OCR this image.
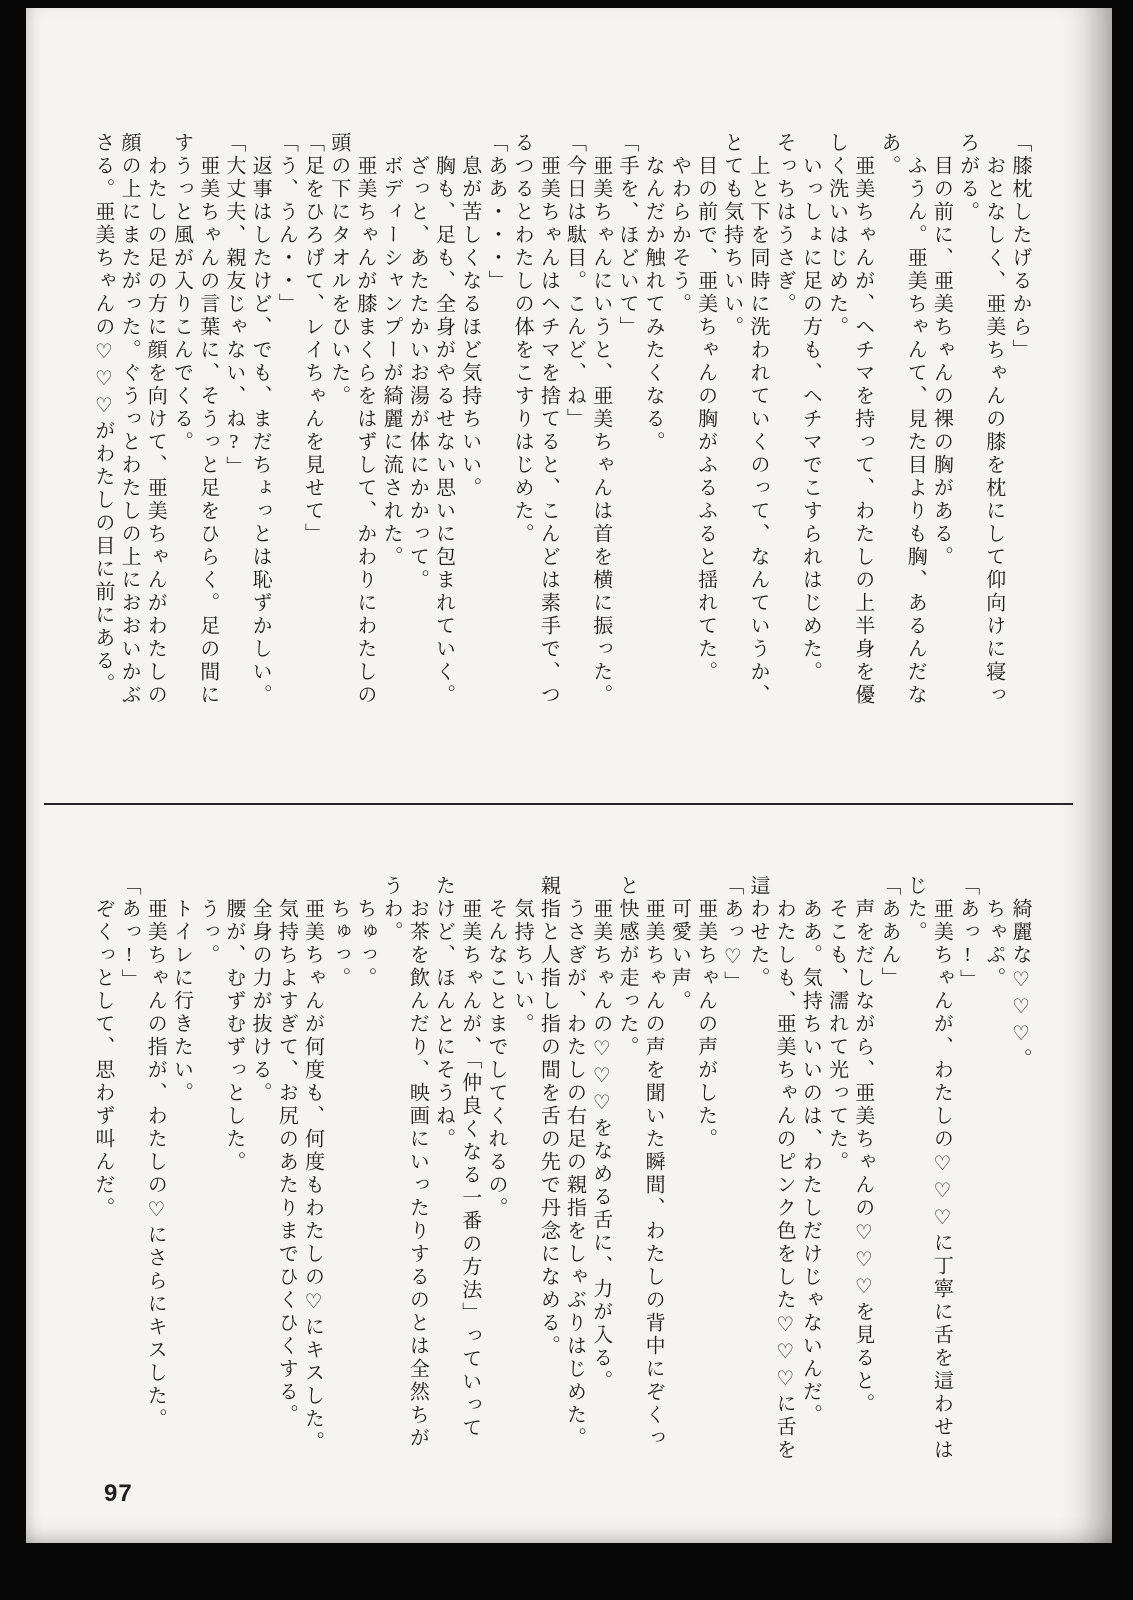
「膝枕したげるから」
おとなしく、亜美ちゃんの膝を枕にして仰向けに寝っ
ろがる。
目の前に、亜美ちゃんの裸の胸がある。
ふうん。亜美ちゃんて、見た目よりも胸、あるんだな
あ。
亜美ちゃんが、ヘチマを持って、わたしの上半身を優
しく洗いはじめた。
いっしょに足の方も、ヘチマでこすられはじめた。
そっちはうさぎ。
上と下を同時に洗われていくのって、なんていうか、
とても気持ちいい。
目の前で、亜美ちゃんの胸がふるふると揺れてた。
やわらかそう。
なんだか触れてみたくなる。
「手を、ほどいて」
亜美ちゃんにいうと、亜美ちゃんは首を横に振った。
「今日は駄目。こんど、ね」
亜美ちゃんはヘチマを捨てると、こんどは素手で、つ
るつるとわたしの体をこすりはじめた。
「ああ・・・」
息が苦しくなるほど気持ちいい。
胸も、足も、全身がやるせない思いに包まれていく。
ざっと、あたたかいお湯が体にかかって。
ボディーシャンプーが綺麗に流された。
亜美ちゃんが膝まくらをはずして、かわりにわたしの
頭の下にタオルをひいた。
「足をひろげて、レイちゃんを見せて」
「う、うん・・」
返事はしたけど、でも、まだちょっとは恥ずかしい。
「大丈夫、親友じゃない、ね?」
亜美ちゃんの言葉に、そうっと足をひらく。足の間に
すうっと風が入りこんでくる。
わたしの足の方に顔を向けて、亜美ちゃんがわたしの
顔の上にまたがった。ぐうっとわたしの上におおいかぶ
さる。亜美ちゃんの♡♡♡がわたしの目に前にある。
綺麗な♡♡♡。
ちゃぷ。
「あっ!」
亜美ちゃんが、わたしの♡♡♡に丁寧に舌を這わせは
じた。
「ああん」
声をだしながら、亜美ちゃんの♡♡♡を見ると。
そこも、濡れて光ってた。
ああ。気持ちいいのは、わたしだけじゃないんだ。
わたしも、亜美ちゃんのピンク色をした♡♡♡に舌を
這わせた。
「あっ♡」
亜美ちゃんの声がした。
可愛い声。
亜美ちゃんの声を聞いた瞬間、わたしの背中にぞくっ
と快感が走った。
亜美ちゃんの♡♡♡をなめる舌に、力が入る。
うさぎが、わたしの右足の親指をしゃぶりはじめた。
親指と人指し指の間を舌の先で丹念になめる。
気持ちいい。
そんなことまでしてくれるの。
亜美ちゃんが、「仲良くなる一番の方法」っていって
たけど、ほんとにそうね。
お茶を飲んだり、映画にいったりするのとは全然ちが
うわ。
ちゅっ。
ちゅっ。
亜美ちゃんが何度も、何度もわたしの♡にキスした。
気持ちよすぎて、お尻のあたりまでひくひくする。
全身の力が抜ける。
腰が、むずむずっとした。
うっ。
トイレに行きたい。
亜美ちゃんの指が、わたしの♡にさらにキスした。
「あっ!」
ぞくっとして、思わず叫んだ。
97
